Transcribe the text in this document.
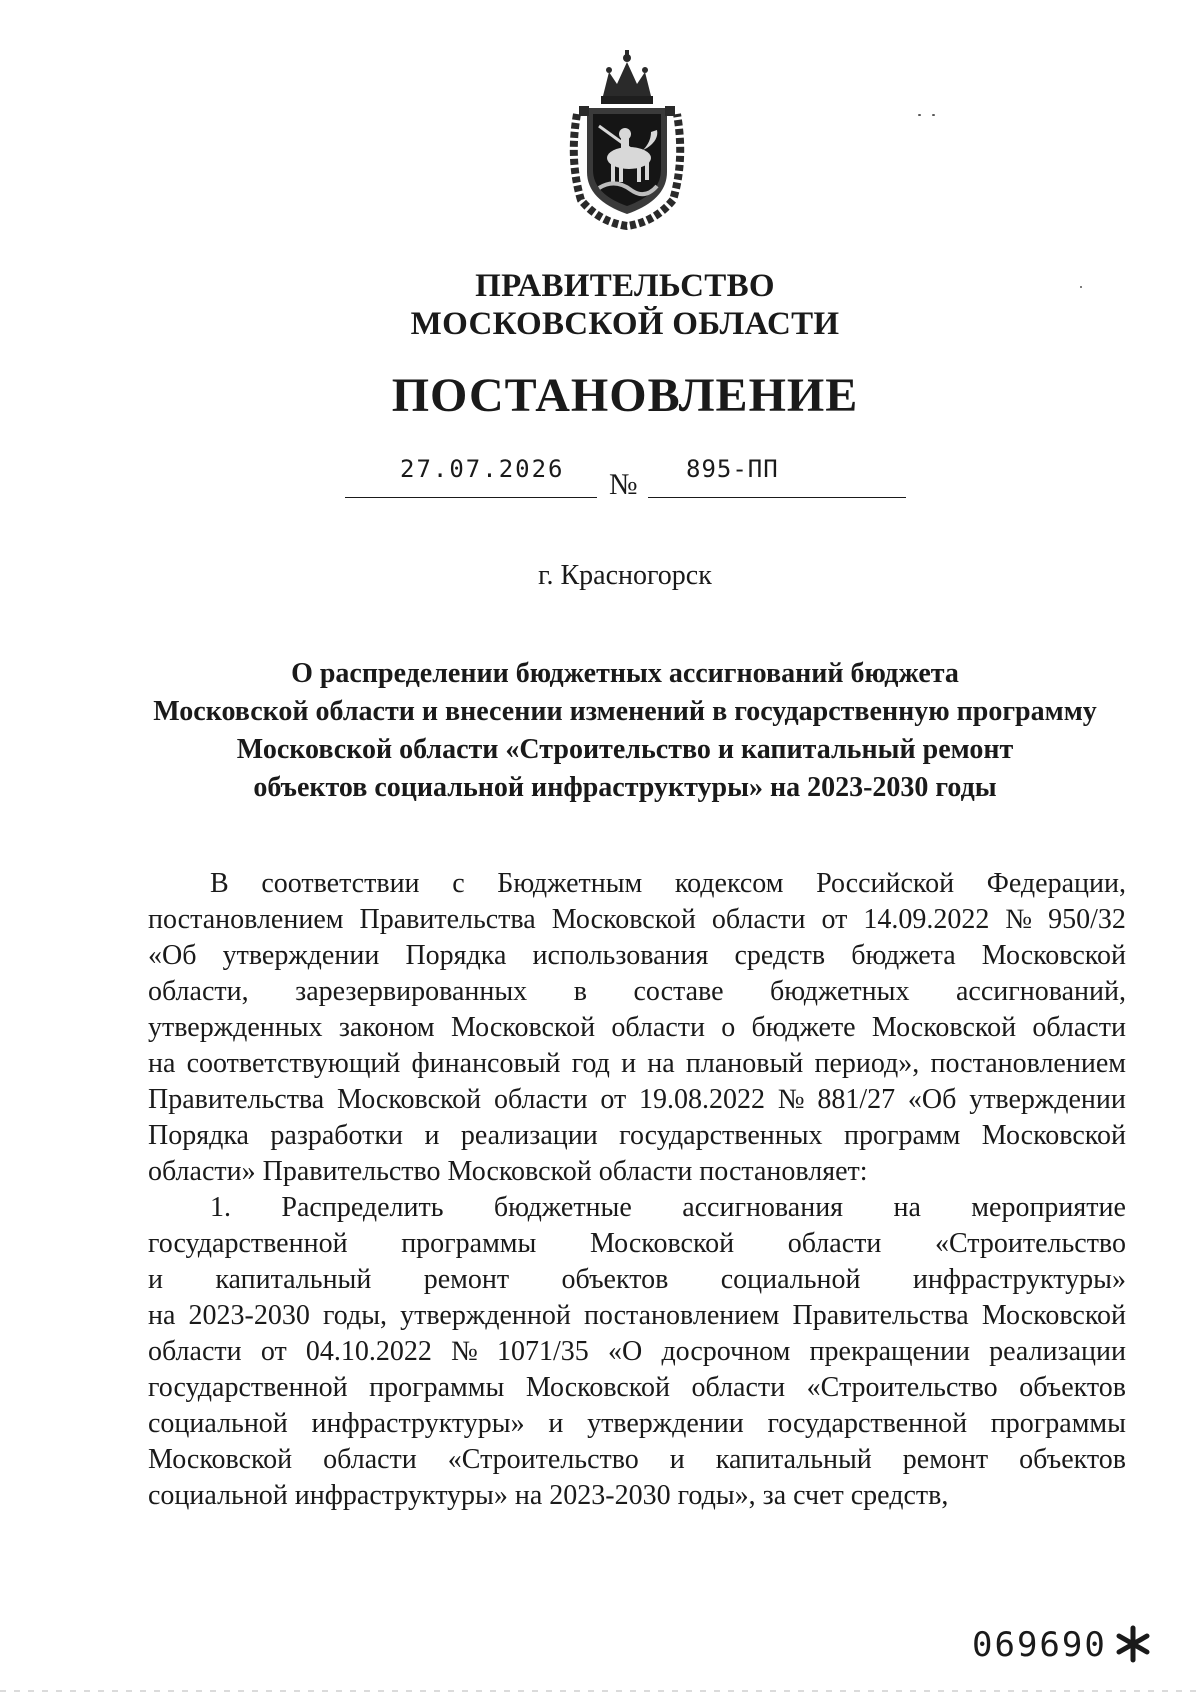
ПРАВИТЕЛЬСТВО
МОСКОВСКОЙ ОБЛАСТИ
ПОСТАНОВЛЕНИЕ
27.07.2026 № 895-ПП
г. Красногорск
О распределении бюджетных ассигнований бюджета
Московской области и внесении изменений в государственную программу
Московской области «Строительство и капитальный ремонт
объектов социальной инфраструктуры» на 2023-2030 годы
В соответствии с Бюджетным кодексом Российской Федерации,
постановлением Правительства Московской области от 14.09.2022 № 950/32
«Об утверждении Порядка использования средств бюджета Московской
области, зарезервированных в составе бюджетных ассигнований,
утвержденных законом Московской области о бюджете Московской области
на соответствующий финансовый год и на плановый период», постановлением
Правительства Московской области от 19.08.2022 № 881/27 «Об утверждении
Порядка разработки и реализации государственных программ Московской
области» Правительство Московской области постановляет:
1. Распределить бюджетные ассигнования на мероприятие
государственной программы Московской области «Строительство
и капитальный ремонт объектов социальной инфраструктуры»
на 2023-2030 годы, утвержденной постановлением Правительства Московской
области от 04.10.2022 № 1071/35 «О досрочном прекращении реализации
государственной программы Московской области «Строительство объектов
социальной инфраструктуры» и утверждении государственной программы
Московской области «Строительство и капитальный ремонт объектов
социальной инфраструктуры» на 2023-2030 годы», за счет средств,
069690
